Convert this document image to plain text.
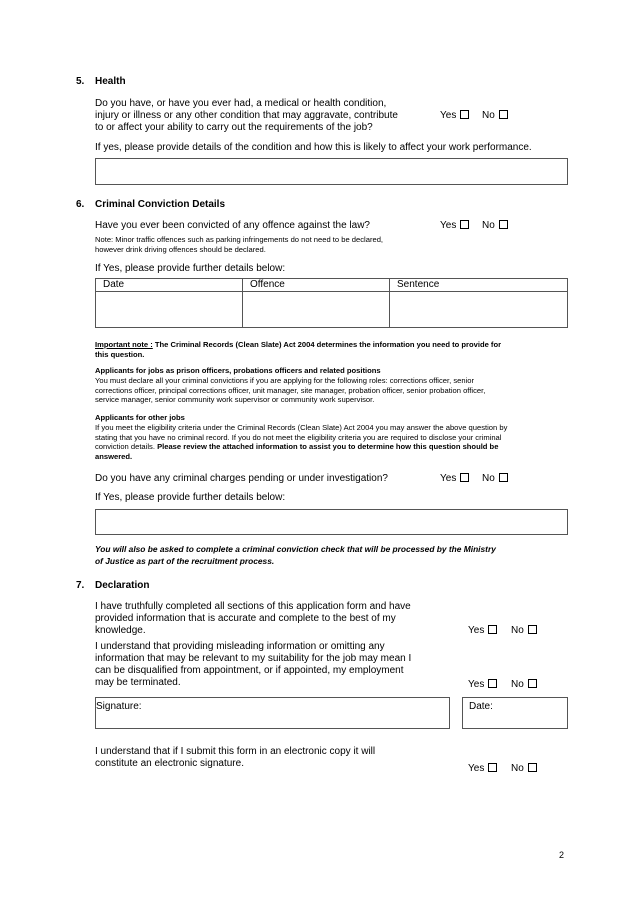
5. Health
Do you have, or have you ever had, a medical or health condition,
injury or illness or any other condition that may aggravate, contribute
to or affect your ability to carry out the requirements of the job?
Yes	No
If yes, please provide details of the condition and how this is likely to affect your work performance.
6. Criminal Conviction Details
Have you ever been convicted of any offence against the law?	Yes	No
Note: Minor traffic offences such as parking infringements do not need to be declared,
however drink driving offences should be declared.
If Yes, please provide further details below:
Date	Offence	Sentence

Important note : The Criminal Records (Clean Slate) Act 2004 determines the information you need to provide for
this question.
Applicants for jobs as prison officers, probations officers and related positions
You must declare all your criminal convictions if you are applying for the following roles: corrections officer, senior
corrections officer, principal corrections officer, unit manager, site manager, probation officer, senior probation officer,
service manager, senior community work supervisor or community work supervisor.
Applicants for other jobs
If you meet the eligibility criteria under the Criminal Records (Clean Slate) Act 2004 you may answer the above question by
stating that you have no criminal record. If you do not meet the eligibility criteria you are required to disclose your criminal
conviction details. Please review the attached information to assist you to determine how this question should be
answered.
Do you have any criminal charges pending or under investigation?	Yes	No
If Yes, please provide further details below:
You will also be asked to complete a criminal conviction check that will be processed by the Ministry
of Justice as part of the recruitment process.
7. Declaration
I have truthfully completed all sections of this application form and have
provided information that is accurate and complete to the best of my
knowledge.	Yes	No
I understand that providing misleading information or omitting any
information that may be relevant to my suitability for the job may mean I
can be disqualified from appointment, or if appointed, my employment
may be terminated.	Yes	No
Signature:	Date:
I understand that if I submit this form in an electronic copy it will
constitute an electronic signature.	Yes	No
2
